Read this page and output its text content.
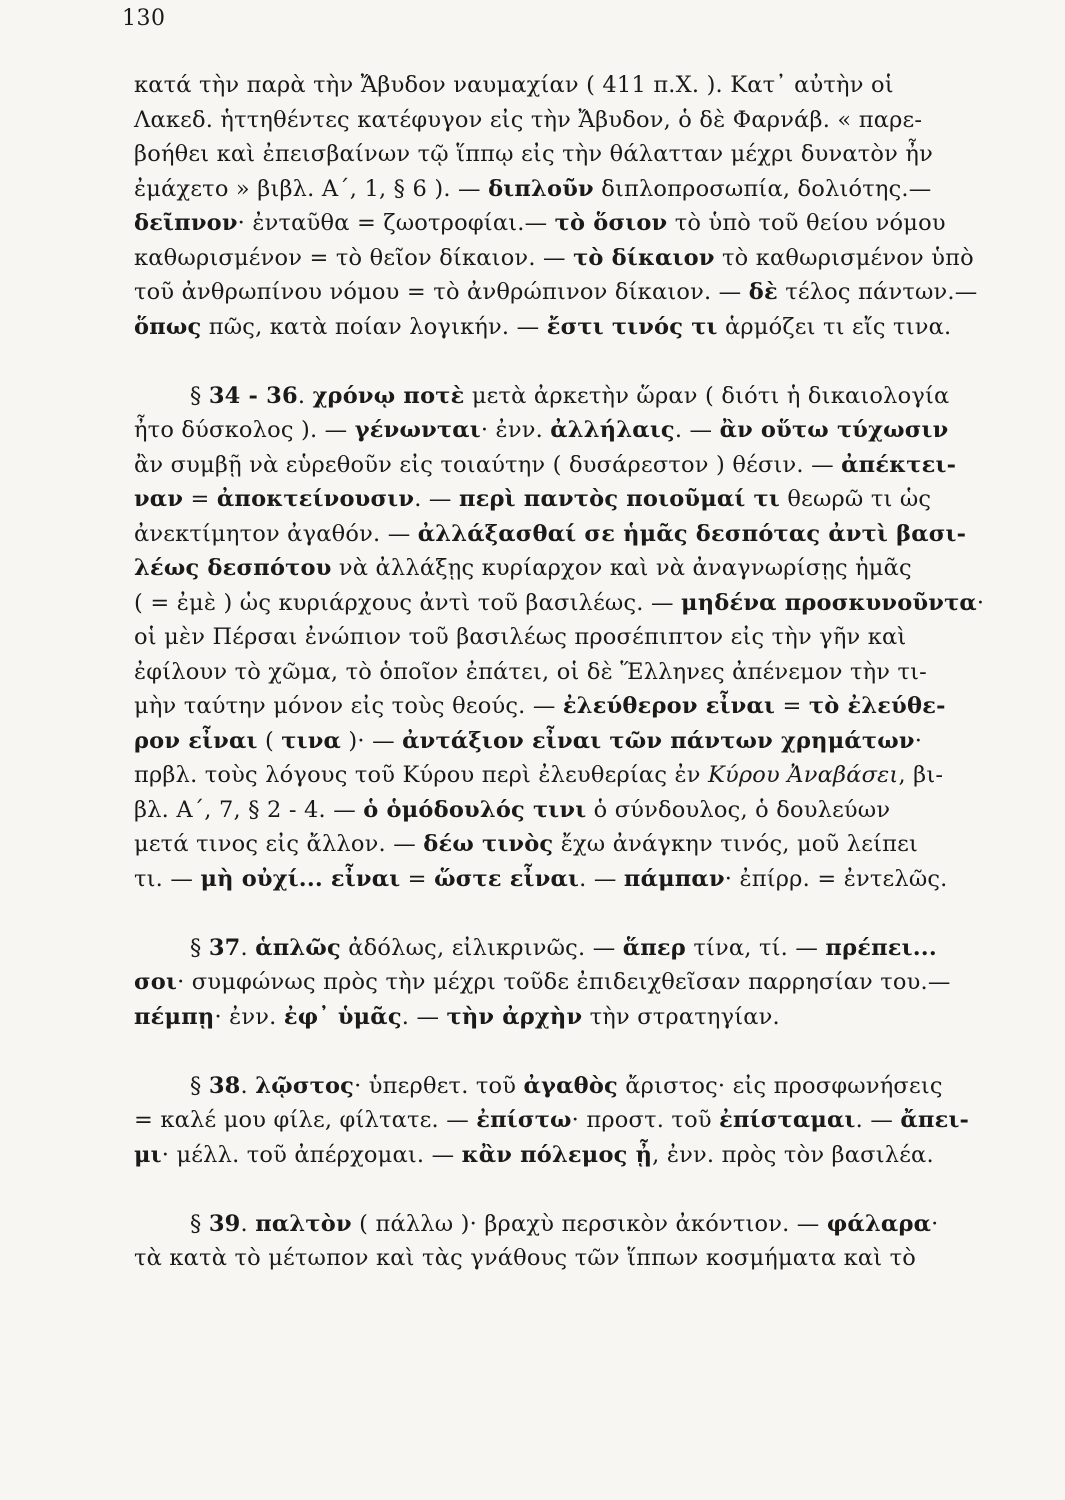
130
κατά τὴν παρὰ τὴν Ἄβυδον ναυμαχίαν ( 411 π.Χ. ). Κατ᾽ αὐτὴν οἱ
Λακεδ. ἡττηθέντες κατέφυγον εἰς τὴν Ἄβυδον, ὁ δὲ Φαρνάβ. « παρε-
βοήθει καὶ ἐπεισβαίνων τῷ ἵππῳ εἰς τὴν θάλατταν μέχρι δυνατὸν ἦν
ἐμάχετο » βιβλ. Α΄, 1, § 6 ). — διπλοῦν διπλοπροσωπία, δολιότης.—
δεῖπνον· ἐνταῦθα = ζωοτροφίαι.— τὸ ὅσιον τὸ ὑπὸ τοῦ θείου νόμου
καθωρισμένον = τὸ θεῖον δίκαιον. — τὸ δίκαιον τὸ καθωρισμένον ὑπὸ
τοῦ ἀνθρωπίνου νόμου = τὸ ἀνθρώπινον δίκαιον. — δὲ τέλος πάντων.—
ὅπως πῶς, κατὰ ποίαν λογικήν. — ἔστι τινός τι ἁρμόζει τι εἴς τινα.
§ 34 - 36. χρόνῳ ποτὲ μετὰ ἀρκετὴν ὥραν ( διότι ἡ δικαιολογία
ἦτο δύσκολος ). — γένωνται· ἐνν. ἀλλήλαις. — ἂν οὕτω τύχωσιν
ἂν συμβῇ νὰ εὑρεθοῦν εἰς τοιαύτην ( δυσάρεστον ) θέσιν. — ἀπέκτει-
ναν = ἀποκτείνουσιν. — περὶ παντὸς ποιοῦμαί τι θεωρῶ τι ὡς
ἀνεκτίμητον ἀγαθόν. — ἀλλάξασθαί σε ἡμᾶς δεσπότας ἀντὶ βασι-
λέως δεσπότου νὰ ἀλλάξῃς κυρίαρχον καὶ νὰ ἀναγνωρίσῃς ἡμᾶς
( = ἐμὲ ) ὡς κυριάρχους ἀντὶ τοῦ βασιλέως. — μηδένα προσκυνοῦντα·
οἱ μὲν Πέρσαι ἐνώπιον τοῦ βασιλέως προσέπιπτον εἰς τὴν γῆν καὶ
ἐφίλουν τὸ χῶμα, τὸ ὁποῖον ἐπάτει, οἱ δὲ Ἕλληνες ἀπένεμον τὴν τι-
μὴν ταύτην μόνον εἰς τοὺς θεούς. — ἐλεύθερον εἶναι = τὸ ἐλεύθε-
ρον εἶναι ( τινα )· — ἀντάξιον εἶναι τῶν πάντων χρημάτων·
πρβλ. τοὺς λόγους τοῦ Κύρου περὶ ἐλευθερίας ἐν Κύρου Ἀναβάσει, βι-
βλ. Α΄, 7, § 2 - 4. — ὁ ὁμόδουλός τινι ὁ σύνδουλος, ὁ δουλεύων
μετά τινος εἰς ἄλλον. — δέω τινὸς ἔχω ἀνάγκην τινός, μοῦ λείπει
τι. — μὴ οὐχί... εἶναι = ὥστε εἶναι. — πάμπαν· ἐπίρρ. = ἐντελῶς.
§ 37. ἁπλῶς ἀδόλως, εἰλικρινῶς. — ἅπερ τίνα, τί. — πρέπει...
σοι· συμφώνως πρὸς τὴν μέχρι τοῦδε ἐπιδειχθεῖσαν παρρησίαν του.—
πέμπῃ· ἐνν. ἐφ᾽ ὑμᾶς. — τὴν ἀρχὴν τὴν στρατηγίαν.
§ 38. λῷστος· ὑπερθετ. τοῦ ἀγαθὸς ἄριστος· εἰς προσφωνήσεις
= καλέ μου φίλε, φίλτατε. — ἐπίστω· προστ. τοῦ ἐπίσταμαι. — ἄπει-
μι· μέλλ. τοῦ ἀπέρχομαι. — κἂν πόλεμος ᾖ, ἐνν. πρὸς τὸν βασιλέα.
§ 39. παλτὸν ( πάλλω )· βραχὺ περσικὸν ἀκόντιον. — φάλαρα·
τὰ κατὰ τὸ μέτωπον καὶ τὰς γνάθους τῶν ἵππων κοσμήματα καὶ τὸ
